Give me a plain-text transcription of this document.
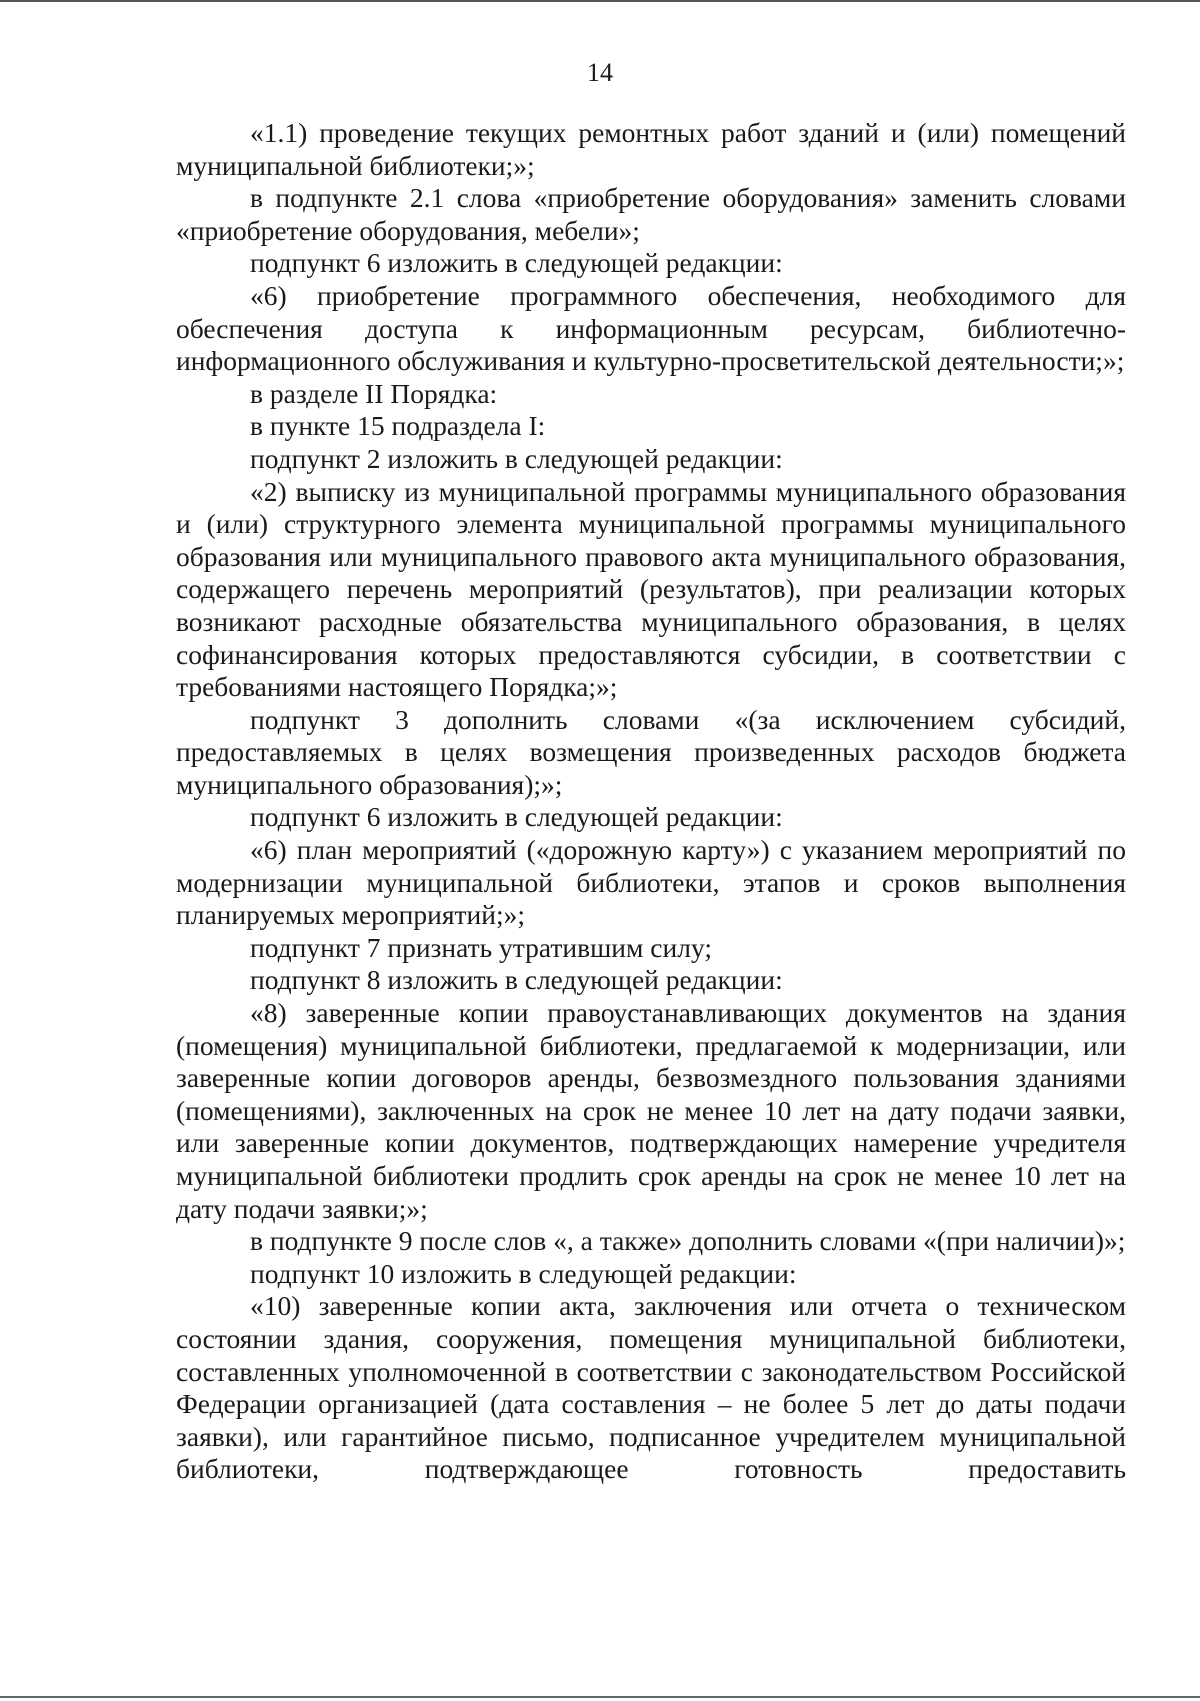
14

«1.1) проведение текущих ремонтных работ зданий и (или) помещений муниципальной библиотеки;»;

в подпункте 2.1 слова «приобретение оборудования» заменить словами «приобретение оборудования, мебели»;

подпункт 6 изложить в следующей редакции:

«6) приобретение программного обеспечения, необходимого для обеспечения доступа к информационным ресурсам, библиотечно-информационного обслуживания и культурно-просветительской деятельности;»;

в разделе II Порядка:

в пункте 15 подраздела I:

подпункт 2 изложить в следующей редакции:

«2) выписку из муниципальной программы муниципального образования и (или) структурного элемента муниципальной программы муниципального образования или муниципального правового акта муниципального образования, содержащего перечень мероприятий (результатов), при реализации которых возникают расходные обязательства муниципального образования, в целях софинансирования которых предоставляются субсидии, в соответствии с требованиями настоящего Порядка;»;

подпункт 3 дополнить словами «(за исключением субсидий, предоставляемых в целях возмещения произведенных расходов бюджета муниципального образования);»;

подпункт 6 изложить в следующей редакции:

«6) план мероприятий («дорожную карту») с указанием мероприятий по модернизации муниципальной библиотеки, этапов и сроков выполнения планируемых мероприятий;»;

подпункт 7 признать утратившим силу;

подпункт 8 изложить в следующей редакции:

«8) заверенные копии правоустанавливающих документов на здания (помещения) муниципальной библиотеки, предлагаемой к модернизации, или заверенные копии договоров аренды, безвозмездного пользования зданиями (помещениями), заключенных на срок не менее 10 лет на дату подачи заявки, или заверенные копии документов, подтверждающих намерение учредителя муниципальной библиотеки продлить срок аренды на срок не менее 10 лет на дату подачи заявки;»;

в подпункте 9 после слов «, а также» дополнить словами «(при наличии)»;

подпункт 10 изложить в следующей редакции:

«10) заверенные копии акта, заключения или отчета о техническом состоянии здания, сооружения, помещения муниципальной библиотеки, составленных уполномоченной в соответствии с законодательством Российской Федерации организацией (дата составления – не более 5 лет до даты подачи заявки), или гарантийное письмо, подписанное учредителем муниципальной библиотеки, подтверждающее готовность предоставить
